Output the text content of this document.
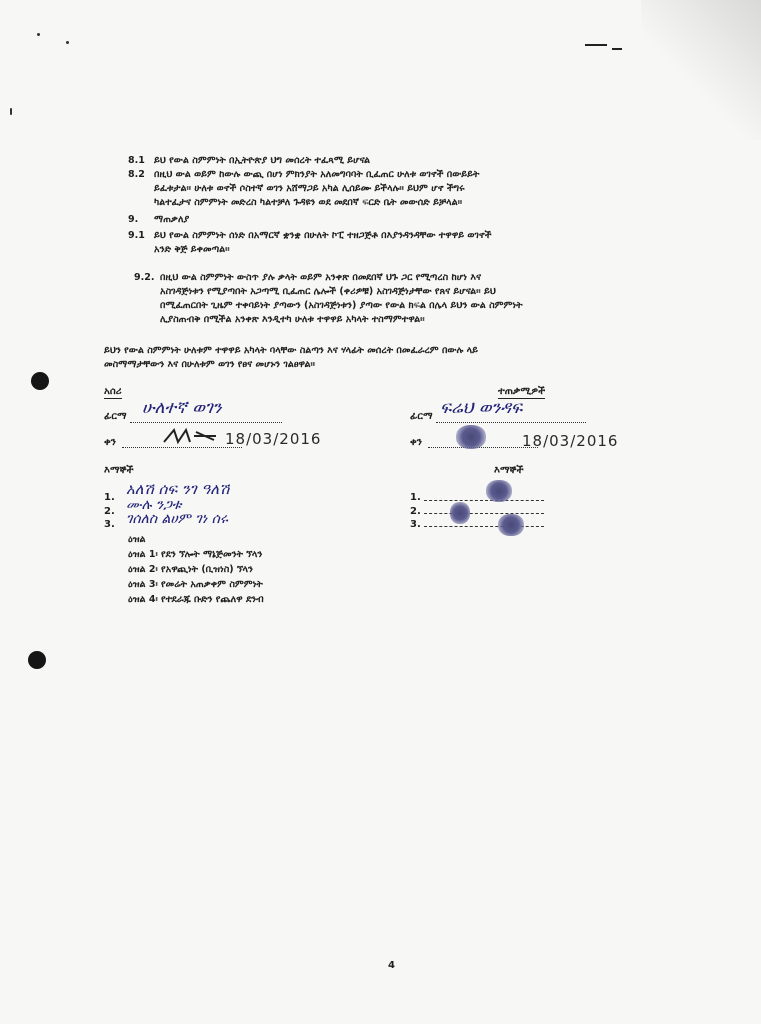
8.1 ይህ የውል ስምምነት በኢትዮጵያ ህግ መሰረት ተፈጻሚ ይሆናል
8.2 በዚህ ውል ወይም ከውሉ ውጪ በሆነ ምክንያት አለመግባባት ቢፈጠር ሁለቱ ወገኖች በውይይት
ይፈቱታል፡፡ ሁለቱ ወኖች ሶስተኛ ወገን አሸማጋይ አካል ሊሰይሙ ይችላሉ፡፡ ይህም ሆኖ ችግሩ
ካልተፈታና ስምምነት መድረስ ካልተቻለ ጉዳዩን ወደ መደበኛ ፍርድ ቤት መውሰድ ይቻላል፡፡
9. ማጠቃለያ
9.1 ይህ የውል ስምምነት ሰነድ በአማርኛ ቋንቋ በሁለት ኮፒ ተዘጋጅቶ በእያንዳንዳቸው ተዋዋይ ወገኖች
አንድ ቅጅ ይቀመጣል፡፡
9.2. በዚህ ውል ስምምነት ውስጥ ያሉ ቃላት ወይም አንቀጽ በመደበኛ ህጉ ጋር የሚጣረስ ከሆነ እና
አስገዳጅነቱን የሚያጣበት አጋጣሚ ቢፈጠር ሌሎች (ቀሪዎቹ) አስገዳጅነታቸው የጸና ይሆናል፡፡ ይህ
በሚፈጠርበት ጊዜም ተቀባይነት ያጣውን (አስገዳጅነቱን) ያጣው የውል ክፍል በሌላ ይህን ውል ስምምነት
ሊያስጠብቅ በሚችል አንቀጽ እንዲተካ ሁለቱ ተዋዋይ አካላት ተስማምተዋል፡፡
ይህን የውል ስምምነት ሁለቱም ተዋዋይ አካላት ባላቸው ስልጣን እና ሃላፊት መሰረት በመፈራረም በውሉ ላይ
መስማማታቸውን እና በሁለቱም ወገን የፀና መሆኑን ገልፀዋል፡፡
አሰሪ
ፊርማ ሁለተኛ ወገን
ቀን	18/03/2016
ተጠቃሚዎች
ፊርማ ፍሬህ ወንዳፍ
ቀን	18/03/2016
እማኞች
1.
2.
3.
አለሽ ሰፍ ንገ ዓለሽ
ሙሉ ንጋቱ
ገሰለስ ልሀም ገነ ሰሩ
እማኞች
1.
2.
3.
ዕዝል
ዕዝል 1፡ የደን ኘሎት ማኔጅመንት ኘላን
ዕዝል 2፡ የአዋጪነት (ቢዝነስ) ኘላን
ዕዝል 3፡ የመሬት አጠቃቀም ስምምነት
ዕዝል 4፡ የተደራጁ ቡድን የጨለዋ ደንብ
4
